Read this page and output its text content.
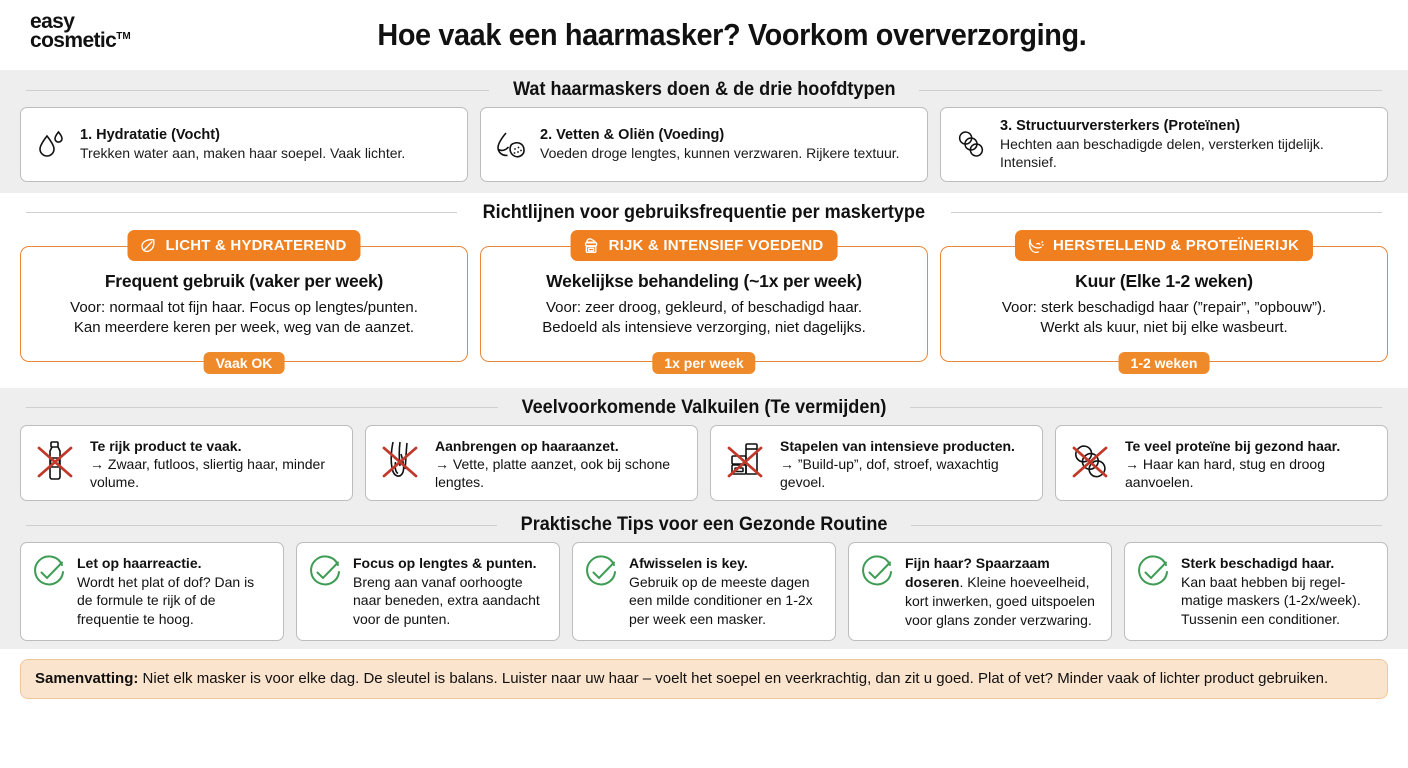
easy
cosmetic™	Hoe vaak een haarmasker? Voorkom oververzorging.
Wat haarmaskers doen & de drie hoofdtypen
1. Hydratatie (Vocht)
Trekken water aan, maken haar soepel. Vaak lichter.
2. Vetten & Oliën (Voeding)
Voeden droge lengtes, kunnen verzwaren. Rijkere textuur.
3. Structuurversterkers (Proteïnen)
Hechten aan beschadigde delen, versterken tijdelijk. Intensief.
Richtlijnen voor gebruiksfrequentie per maskertype
LICHT & HYDRATEREND
Frequent gebruik (vaker per week)
Voor: normaal tot fijn haar. Focus op lengtes/punten.
Kan meerdere keren per week, weg van de aanzet.
Vaak OK
RIJK & INTENSIEF VOEDEND
Wekelijkse behandeling (~1x per week)
Voor: zeer droog, gekleurd, of beschadigd haar.
Bedoeld als intensieve verzorging, niet dagelijks.
1x per week
HERSTELLEND & PROTEÏNERIJK
Kuur (Elke 1-2 weken)
Voor: sterk beschadigd haar (”repair”, ”opbouw”).
Werkt als kuur, niet bij elke wasbeurt.
1-2 weken
Veelvoorkomende Valkuilen (Te vermijden)
Te rijk product te vaak.
→ Zwaar, futloos, sliertig haar, minder volume.
Aanbrengen op haaraanzet.
→ Vette, platte aanzet, ook bij schone lengtes.
Stapelen van intensieve producten.
→ ”Build-up”, dof, stroef, waxachtig gevoel.
Te veel proteïne bij gezond haar.
→ Haar kan hard, stug en droog aanvoelen.
Praktische Tips voor een Gezonde Routine
Let op haarreactie.
Wordt het plat of dof? Dan is de formule te rijk of de frequentie te hoog.
Focus op lengtes & punten.
Breng aan vanaf oorhoogte naar beneden, extra aandacht voor de punten.
Afwisselen is key.
Gebruik op de meeste dagen een milde conditioner en 1-2x per week een masker.
Fijn haar? Spaarzaam doseren. Kleine hoeveelheid, kort inwerken, goed uitspoelen voor glans zonder verzwaring.
Sterk beschadigd haar.
Kan baat hebben bij regel-matige maskers (1-2x/week). Tussenin een conditioner.
Samenvatting: Niet elk masker is voor elke dag. De sleutel is balans. Luister naar uw haar – voelt het soepel en veerkrachtig, dan zit u goed. Plat of vet? Minder vaak of lichter product gebruiken.
